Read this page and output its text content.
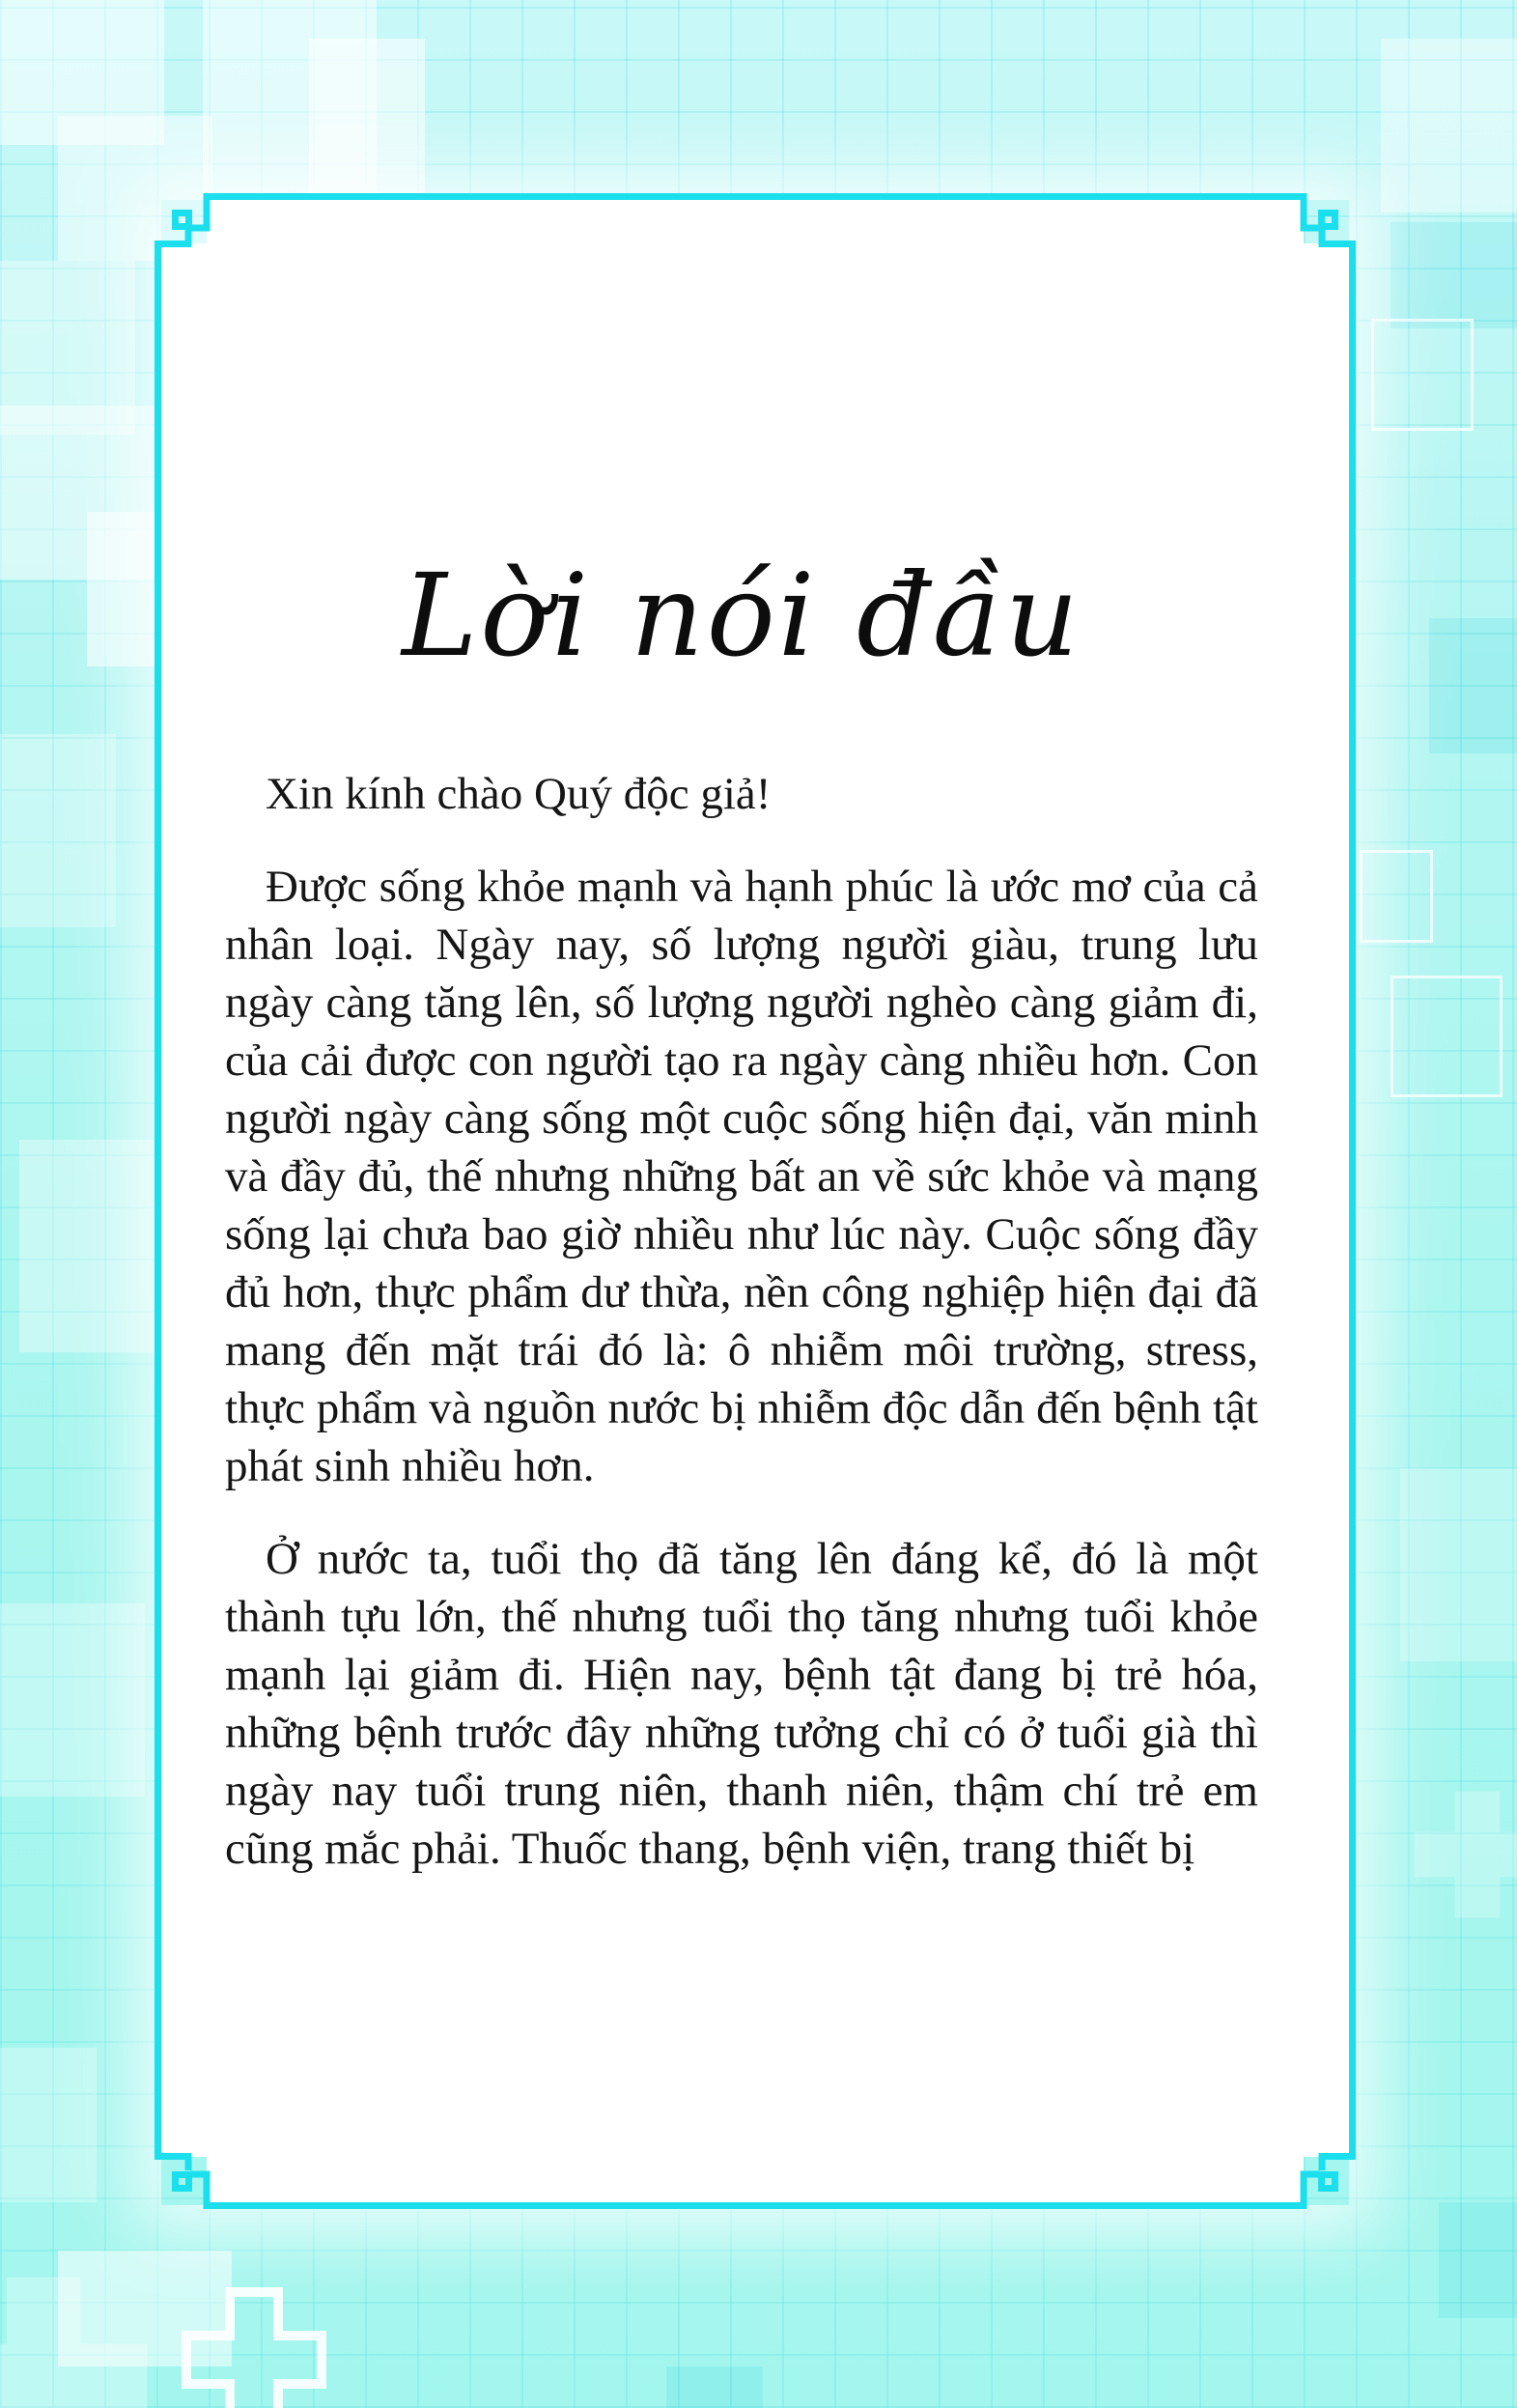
Lời nói đầu

Xin kính chào Quý độc giả!

Được sống khỏe mạnh và hạnh phúc là ước mơ của cả nhân loại. Ngày nay, số lượng người giàu, trung lưu ngày càng tăng lên, số lượng người nghèo càng giảm đi, của cải được con người tạo ra ngày càng nhiều hơn. Con người ngày càng sống một cuộc sống hiện đại, văn minh và đầy đủ, thế nhưng những bất an về sức khỏe và mạng sống lại chưa bao giờ nhiều như lúc này. Cuộc sống đầy đủ hơn, thực phẩm dư thừa, nền công nghiệp hiện đại đã mang đến mặt trái đó là: ô nhiễm môi trường, stress, thực phẩm và nguồn nước bị nhiễm độc dẫn đến bệnh tật phát sinh nhiều hơn.

Ở nước ta, tuổi thọ đã tăng lên đáng kể, đó là một thành tựu lớn, thế nhưng tuổi thọ tăng nhưng tuổi khỏe mạnh lại giảm đi. Hiện nay, bệnh tật đang bị trẻ hóa, những bệnh trước đây những tưởng chỉ có ở tuổi già thì ngày nay tuổi trung niên, thanh niên, thậm chí trẻ em cũng mắc phải. Thuốc thang, bệnh viện, trang thiết bị
